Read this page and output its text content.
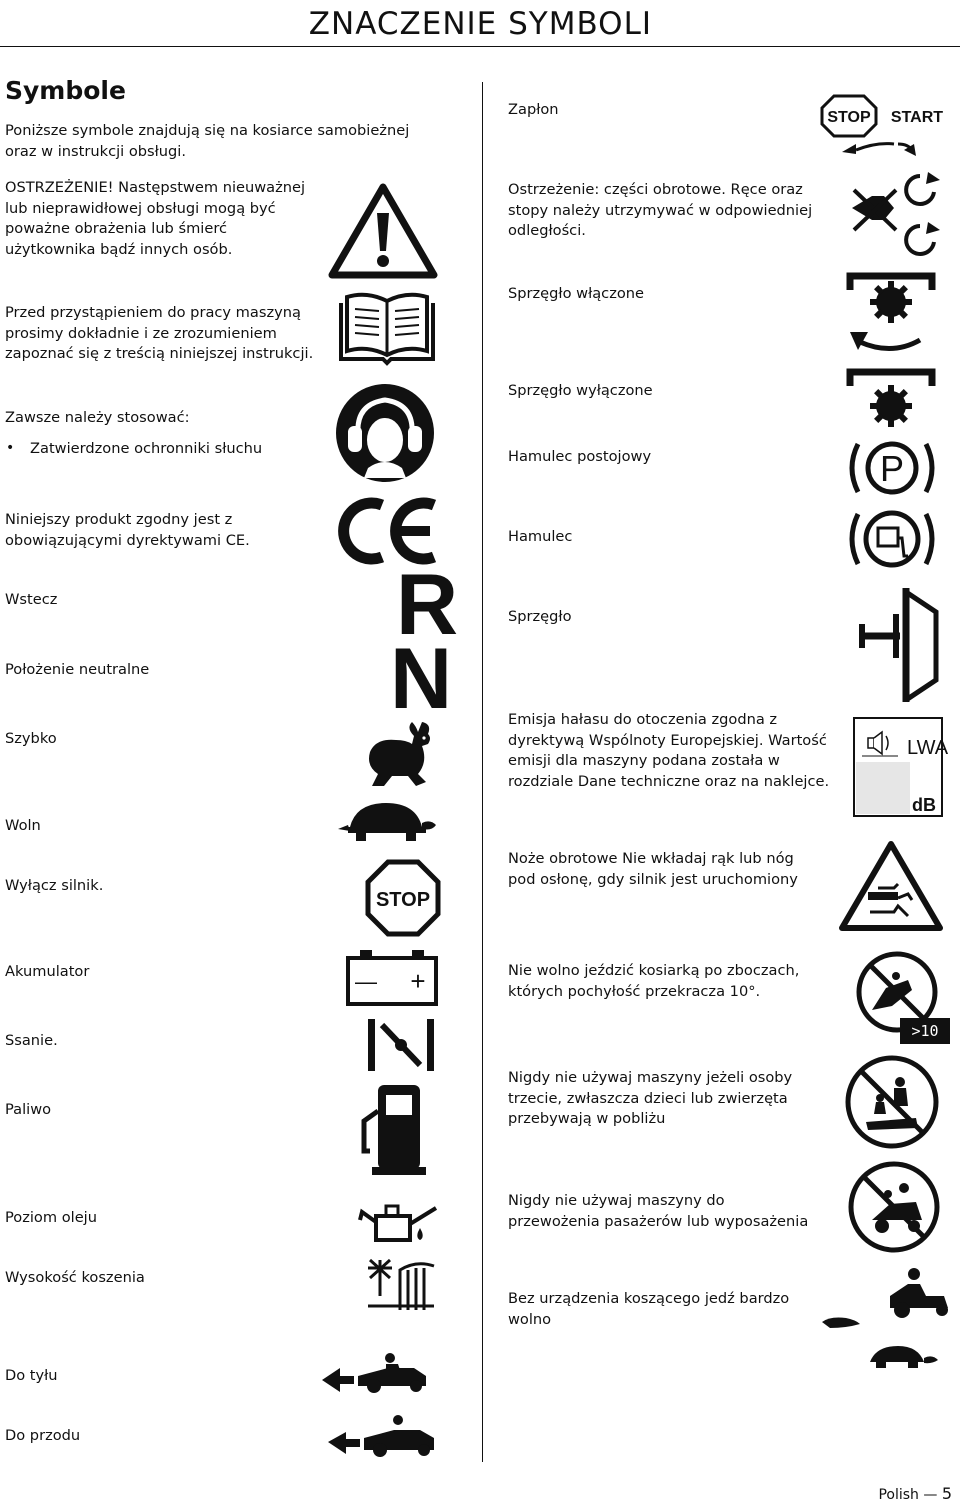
ZNACZENIE SYMBOLI
Symbole

Poniższe symbole znajdują się na kosiarce samobieżnej oraz w instrukcji obsługi.

OSTRZEŻENIE! Następstwem nieuważnej lub nieprawidłowej obsługi mogą być poważne obrażenia lub śmierć użytkownika bądź innych osób.

Przed przystąpieniem do pracy maszyną prosimy dokładnie i ze zrozumieniem zapoznać się z treścią niniejszej instrukcji.

Zawsze należy stosować:

• Zatwierdzone ochronniki słuchu

Niniejszy produkt zgodny jest z obowiązującymi dyrektywami CE.

Wstecz

Położenie neutralne

Szybko

Woln

Wyłącz silnik.

Akumulator

Ssanie.

Paliwo

Poziom oleju

Wysokość koszenia

Do tyłu

Do przodu

Zapłon

Ostrzeżenie: części obrotowe. Ręce oraz stopy należy utrzymywać w odpowiedniej odległości.

Sprzęgło włączone

Sprzęgło wyłączone

Hamulec postojowy

Hamulec

Sprzęgło

Emisja hałasu do otoczenia zgodna z dyrektywą Wspólnoty Europejskiej. Wartość emisji dla maszyny podana została w rozdziale Dane techniczne oraz na naklejce.

Noże obrotowe Nie wkładaj rąk lub nóg pod osłonę, gdy silnik jest uruchomiony

Nie wolno jeździć kosiarką po zboczach, których pochyłość przekracza 10°.

Nigdy nie używaj maszyny jeżeli osoby trzecie, zwłaszcza dzieci lub zwierzęta przebywają w pobliżu

Nigdy nie używaj maszyny do przewożenia pasażerów lub wyposażenia

Bez urządzenia koszącego jedź bardzo wolno

R
N
STOP
— +
STOP START
P
LWA
dB
>10
Polish — 5
